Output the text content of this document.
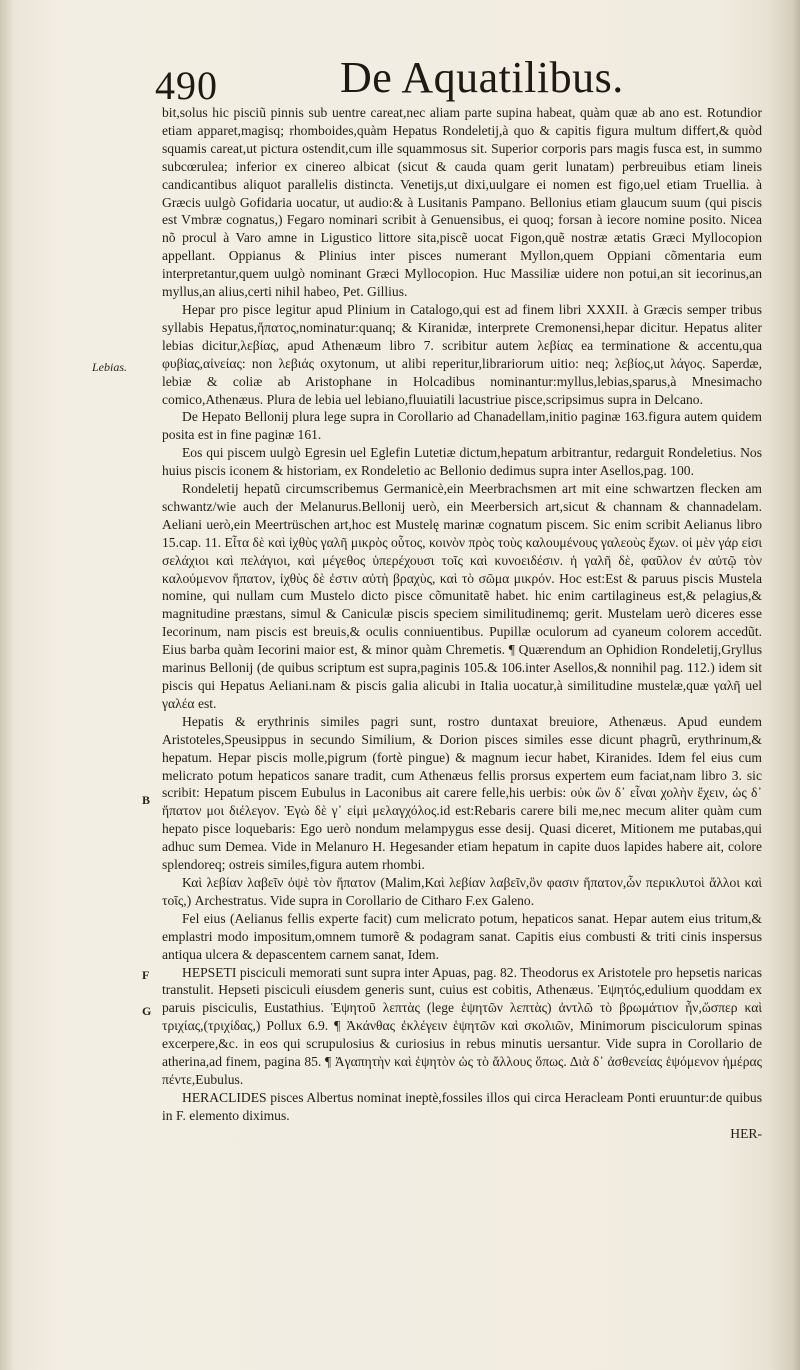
490	De Aquatilibus.
Lebias.
B
F
G

bit,solus hic pisciũ pinnis sub uentre careat,nec aliam parte supina habeat, quàm quæ ab ano est. Rotundior etiam apparet,magisq; rhomboides,quàm Hepatus Rondeletij,à quo & capitis figura multum differt,& quòd squamis careat,ut pictura ostendit,cum ille squammosus sit. Superior corporis pars magis fusca est, in summo subcœrulea; inferior ex cinereo albicat (sicut & cauda quam gerit lunatam) perbreuibus etiam lineis candicantibus aliquot parallelis distincta. Venetijs,ut dixi,uulgare ei nomen est figo,uel etiam Truellia. à Græcis uulgò Gofidaria uocatur, ut audio:& à Lusitanis Pampano. Bellonius etiam glaucum suum (qui piscis est Vmbræ cognatus,) Fegaro nominari scribit à Genuensibus, ei quoq; forsan à iecore nomine posito. Nicea nõ procul à Varo amne in Ligustico littore sita,piscẽ uocat Figon,quẽ nostræ ætatis Græci Myllocopion appellant. Oppianus & Plinius inter pisces numerant Myllon,quem Oppiani cõmentaria eum interpretantur,quem uulgò nominant Græci Myllocopion. Huc Massiliæ uidere non potui,an sit iecorinus,an myllus,an alius,certi nihil habeo, Pet. Gillius.

Hepar pro pisce legitur apud Plinium in Catalogo,qui est ad finem libri XXXII. à Græcis semper tribus syllabis Hepatus,ἥπατος,nominatur:quanq; & Kiranidæ, interprete Cremonensi,hepar dicitur. Hepatus aliter lebias dicitur,λεβίας, apud Athenæum libro 7. scribitur autem λεβίας ea terminatione & accentu,qua φυβίας,αἰνείας: non λεβιάς oxytonum, ut alibi reperitur,librariorum uitio: neq; λεβίος,ut λάγος. Saperdæ, lebiæ & coliæ ab Aristophane in Holcadibus nominantur:myllus,lebias,sparus,à Mnesimacho comico,Athenæus. Plura de lebia uel lebiano,fluuiatili lacustriue pisce,scripsimus supra in Delcano.

De Hepato Bellonij plura lege supra in Corollario ad Chanadellam,initio paginæ 163.figura autem quidem posita est in fine paginæ 161.

Eos qui piscem uulgò Egresin uel Eglefin Lutetiæ dictum,hepatum arbitrantur, redarguit Rondeletius. Nos huius piscis iconem & historiam, ex Rondeletio ac Bellonio dedimus supra inter Asellos,pag. 100.

Rondeletij hepatũ circumscribemus Germanicè,ein Meerbrachsmen art mit eine schwartzen flecken am schwantz/wie auch der Melanurus.Bellonij uerò, ein Meerbersich art,sicut & channam & channadelam. Aeliani uerò,ein Meertrüschen art,hoc est Mustelę marinæ cognatum piscem. Sic enim scribit Aelianus libro 15.cap. 11. Εἶτα δὲ καὶ ἰχθὺς γαλῆ μικρὸς οὗτος, κοινὸν πρὸς τοὺς καλουμένους γαλεοὺς ἔχων. οἱ μὲν γάρ εἰσι σελάχιοι καὶ πελάγιοι, καὶ μέγεθος ὑπερέχουσι τοῖς καὶ κυνοειδέσιν. ἡ γαλῆ δὲ, φαῦλον ἐν αὐτῷ τὸν καλούμενον ἥπατον, ἰχθὺς δὲ ἐστιν αὐτὴ βραχὺς, καὶ τὸ σῶμα μικρόν. Hoc est:Est & paruus piscis Mustela nomine, qui nullam cum Mustelo dicto pisce cõmunitatẽ habet. hic enim cartilagineus est,& pelagius,& magnitudine præstans, simul & Caniculæ piscis speciem similitudinemq; gerit. Mustelam uerò diceres esse Iecorinum, nam piscis est breuis,& oculis conniuentibus. Pupillæ oculorum ad cyaneum colorem accedũt. Eius barba quàm Iecorini maior est, & minor quàm Chremetis. ¶ Quærendum an Ophidion Rondeletij,Gryllus marinus Bellonij (de quibus scriptum est supra,paginis 105.& 106.inter Asellos,& nonnihil pag. 112.) idem sit piscis qui Hepatus Aeliani.nam & piscis galia alicubi in Italia uocatur,à similitudine mustelæ,quæ γαλῆ uel γαλέα est.

Hepatis & erythrinis similes pagri sunt, rostro duntaxat breuiore, Athenæus. Apud eundem Aristoteles,Speusippus in secundo Similium, & Dorion pisces similes esse dicunt phagrũ, erythrinum,& hepatum. Hepar piscis molle,pigrum (fortè pingue) & magnum iecur habet, Kiranides. Idem fel eius cum melicrato potum hepaticos sanare tradit, cum Athenæus fellis prorsus expertem eum faciat,nam libro 3. sic scribit: Hepatum piscem Eubulus in Laconibus ait carere felle,his uerbis: οὐκ ὢν δ᾽ εἶναι χολὴν ἔχειν, ὡς δ᾽ ἥπατον μοι διέλεγον. Ἐγὼ δὲ γ᾽ εἰμὶ μελαγχόλος.id est:Rebaris carere bili me,nec mecum aliter quàm cum hepato pisce loquebaris: Ego uerò nondum melampygus esse desij. Quasi diceret, Mitionem me putabas,qui adhuc sum Demea. Vide in Melanuro H. Hegesander etiam hepatum in capite duos lapides habere ait, colore splendoreq; ostreis similes,figura autem rhombi.

Καὶ λεβίαν λαβεῖν ὀψὲ τὸν ἥπατον (Malim,Καὶ λεβίαν λαβεῖν,ὃν φασιν ἥπατον,ὧν περικλυτοὶ ἄλλοι καὶ τοῖς,) Archestratus. Vide supra in Corollario de Citharo F.ex Galeno.

Fel eius (Aelianus fellis experte facit) cum melicrato potum, hepaticos sanat. Hepar autem eius tritum,& emplastri modo impositum,omnem tumorẽ & podagram sanat. Capitis eius combusti & triti cinis inspersus antiqua ulcera & depascentem carnem sanat, Idem.

HEPSETI pisciculi memorati sunt supra inter Apuas, pag. 82. Theodorus ex Aristotele pro hepsetis naricas transtulit. Hepseti pisciculi eiusdem generis sunt, cuius est cobitis, Athenæus. Ἑψητός,edulium quoddam ex paruis pisciculis, Eustathius. Ἑψητοῦ λεπτὰς (lege ἑψητῶν λεπτὰς) ἀντλῶ τὸ βρωμάτιον ἦν,ὥσπερ καὶ τριχίας,(τριχίδας,) Pollux 6.9. ¶ Ἀκάνθας ἐκλέγειν ἑψητῶν καὶ σκολιῶν, Minimorum pisciculorum spinas excerpere,&c. in eos qui scrupulosius & curiosius in rebus minutis uersantur. Vide supra in Corollario de atherina,ad finem, pagina 85. ¶ Ἀγαπητὴν καὶ ἑψητὸν ὡς τὸ ἄλλους ὅπως. Διὰ δ᾽ ἀσθενείας ἑψόμενον ἡμέρας πέντε,Eubulus.

HERACLIDES pisces Albertus nominat ineptè,fossiles illos qui circa Heracleam Ponti eruuntur:de quibus in F. elemento diximus.

HER-
